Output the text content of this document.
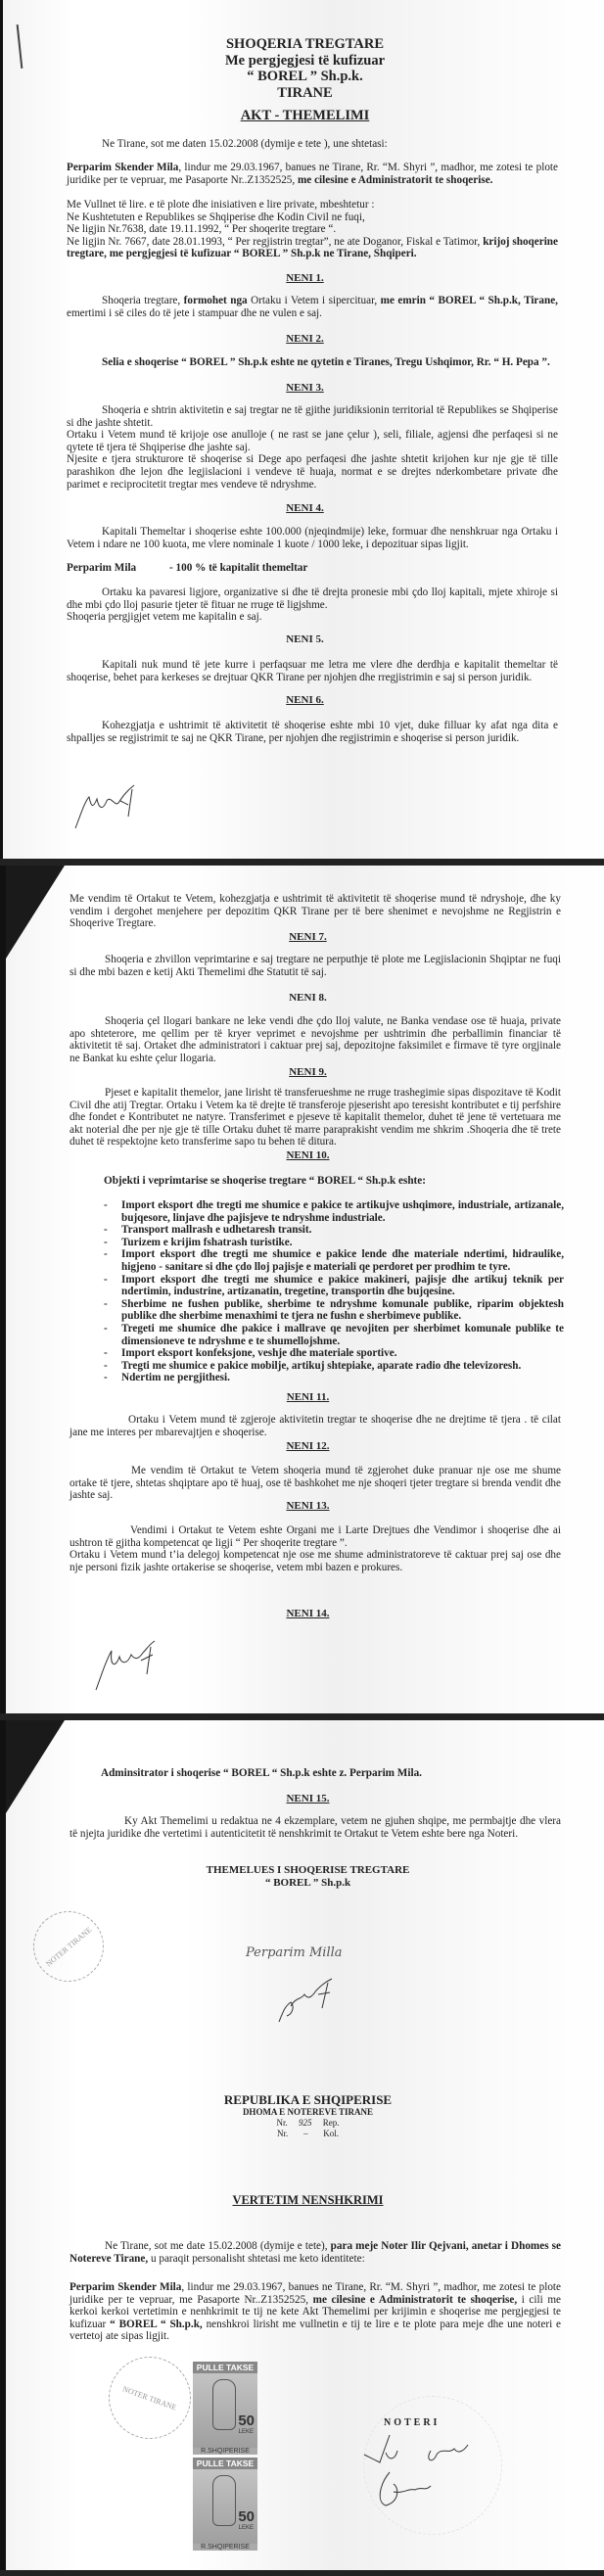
SHOQERIA TREGTARE
Me pergjegjesi të kufizuar
“ BOREL ” Sh.p.k.
TIRANE
AKT - THEMELIMI
Ne Tirane, sot me daten 15.02.2008 (dymije e tete ), une shtetasi:
Perparim Skender Mila, lindur me 29.03.1967, banues ne Tirane, Rr. “M. Shyri ”, madhor, me zotesi te plote juridike per te vepruar, me Pasaporte Nr..Z1352525, me cilesine e Administratorit te shoqerise.
Me Vullnet të lire. e të plote dhe inisiativen e lire private, mbeshtetur :
Ne Kushtetuten e Republikes se Shqiperise dhe Kodin Civil ne fuqi,
Ne ligjin Nr.7638, date 19.11.1992, “ Per shoqerite tregtare “.
Ne ligjin Nr. 7667, date 28.01.1993, “ Per regjistrin tregtar”, ne ate Doganor, Fiskal e Tatimor, krijoj shoqerine tregtare, me pergjegjesi të kufizuar “ BOREL ” Sh.p.k ne Tirane, Shqiperi.
NENI 1.
Shoqeria tregtare, formohet nga Ortaku i Vetem i sipercituar, me emrin “ BOREL “ Sh.p.k, Tirane, emertimi i së ciles do të jete i stampuar dhe ne vulen e saj.
NENI 2.
Selia e shoqerise “ BOREL ” Sh.p.k eshte ne qytetin e Tiranes, Tregu Ushqimor, Rr. “ H. Pepa ”.
NENI 3.
Shoqeria e shtrin aktivitetin e saj tregtar ne të gjithe juridiksionin territorial të Republikes se Shqiperise si dhe jashte shtetit.
Ortaku i Vetem mund të krijoje ose anulloje ( ne rast se jane çelur ), seli, filiale, agjensi dhe perfaqesi si ne qytete të tjera të Shqiperise dhe jashte saj.
Njesite e tjera strukturore të shoqerise si Dege apo perfaqesi dhe jashte shtetit krijohen kur nje gje të tille parashikon dhe lejon dhe legjislacioni i vendeve të huaja, normat e se drejtes nderkombetare private dhe parimet e reciprocitetit tregtar mes vendeve të ndryshme.
NENI 4.
Kapitali Themeltar i shoqerise eshte 100.000 (njeqindmije) leke, formuar dhe nenshkruar nga Ortaku i Vetem i ndare ne 100 kuota, me vlere nominale 1 kuote / 1000 leke, i depozituar sipas ligjit.
Perparim Mila	- 100 % të kapitalit themeltar
Ortaku ka pavaresi ligjore, organizative si dhe të drejta pronesie mbi çdo lloj kapitali, mjete xhiroje si dhe mbi çdo lloj pasurie tjeter të fituar ne rruge të ligjshme.
Shoqeria pergjigjet vetem me kapitalin e saj.
NENI 5.
Kapitali nuk mund të jete kurre i perfaqsuar me letra me vlere dhe derdhja e kapitalit themeltar të shoqerise, behet para kerkeses se drejtuar QKR Tirane per njohjen dhe rregjistrimin e saj si person juridik.
NENI 6.
Kohezgjatja e ushtrimit të aktivitetit të shoqerise eshte mbi 10 vjet, duke filluar ky afat nga dita e shpalljes se regjistrimit te saj ne QKR Tirane, per njohjen dhe regjistrimin e shoqerise si person juridik.
Me vendim të Ortakut te Vetem, kohezgjatja e ushtrimit të aktivitetit të shoqerise mund të ndryshoje, dhe ky vendim i dergohet menjehere per depozitim QKR Tirane per të bere shenimet e nevojshme ne Regjistrin e Shoqerive Tregtare.
NENI 7.
Shoqeria e zhvillon veprimtarine e saj tregtare ne perputhje të plote me Legjislacionin Shqiptar ne fuqi si dhe mbi bazen e ketij Akti Themelimi dhe Statutit të saj.
NENI 8.
Shoqeria çel llogari bankare ne leke vendi dhe çdo lloj valute, ne Banka vendase ose të huaja, private apo shteterore, me qellim per të kryer veprimet e nevojshme per ushtrimin dhe perballimin financiar të aktivitetit të saj. Ortaket dhe administratori i caktuar prej saj, depozitojne faksimilet e firmave të tyre orgjinale ne Bankat ku eshte çelur llogaria.
NENI 9.
Pjeset e kapitalit themelor, jane lirisht të transferueshme ne rruge trashegimie sipas dispozitave të Kodit Civil dhe atij Tregtar. Ortaku i Vetem ka të drejte të transferoje pjeserisht apo teresisht kontributet e tij perfshire dhe fondet e Kontributet ne natyre. Transferimet e pjeseve të kapitalit themelor, duhet të jene të vertetuara me akt noterial dhe per nje gje të tille Ortaku duhet të marre paraprakisht vendim me shkrim .Shoqeria dhe të trete duhet të respektojne keto transferime sapo tu behen të ditura.
NENI 10.
Objekti i veprimtarise se shoqerise tregtare “ BOREL “ Sh.p.k eshte:
- Import eksport dhe tregti me shumice e pakice te artikujve ushqimore, industriale, artizanale, bujqesore, linjave dhe pajisjeve te ndryshme industriale.
- Transport mallrash e udhetaresh transit.
- Turizem e krijim fshatrash turistike.
- Import eksport dhe tregti me shumice e pakice lende dhe materiale ndertimi, hidraulike, higjeno - sanitare si dhe çdo lloj pajisje e materiali qe perdoret per prodhim te tyre.
- Import eksport dhe tregti me shumice e pakice makineri, pajisje dhe artikuj teknik per ndertimin, industrine, artizanatin, tregetine, transportin dhe bujqesine.
- Sherbime ne fushen publike, sherbime te ndryshme komunale publike, riparim objektesh publike dhe sherbime menaxhimi te tjera ne fushn e sherbimeve publike.
- Tregeti me shumice dhe pakice i mallrave qe nevojiten per sherbimet komunale publike te dimensioneve te ndryshme e te shumellojshme.
- Import eksport konfeksjone, veshje dhe materiale sportive.
- Tregti me shumice e pakice mobilje, artikuj shtepiake, aparate radio dhe televizoresh.
- Ndertim ne pergjithesi.
NENI 11.
Ortaku i Vetem mund të zgjeroje aktivitetin tregtar te shoqerise dhe ne drejtime të tjera . të cilat jane me interes per mbarevajtjen e shoqerise.
NENI 12.
Me vendim të Ortakut te Vetem shoqeria mund të zgjerohet duke pranuar nje ose me shume ortake të tjere, shtetas shqiptare apo të huaj, ose të bashkohet me nje shoqeri tjeter tregtare si brenda vendit dhe jashte saj.
NENI 13.
Vendimi i Ortakut te Vetem eshte Organi me i Larte Drejtues dhe Vendimor i shoqerise dhe ai ushtron të gjitha kompetencat qe ligji “ Per shoqerite tregtare ”.
Ortaku i Vetem mund t’ia delegoj kompetencat nje ose me shume administratoreve të caktuar prej saj ose dhe nje personi fizik jashte ortakerise se shoqerise, vetem mbi bazen e prokures.
NENI 14.
Adminsitrator i shoqerise “ BOREL “ Sh.p.k eshte z. Perparim Mila.
NENI 15.
Ky Akt Themelimi u redaktua ne 4 ekzemplare, vetem ne gjuhen shqipe, me permbajtje dhe vlera të njejta juridike dhe vertetimi i autenticitetit të nenshkrimit te Ortakut te Vetem eshte bere nga Noteri.
THEMELUES I SHOQERISE TREGTARE
“ BOREL ” Sh.p.k
NOTER TIRANE	Perparim Milla
REPUBLIKA E SHQIPERISE
DHOMA E NOTEREVE TIRANE
Nr. 925 Rep.
Nr. – Kol.
VERTETIM NENSHKRIMI
Ne Tirane, sot me date 15.02.2008 (dymije e tete), para meje Noter Ilir Qejvani, anetar i Dhomes se Notereve Tirane, u paraqit personalisht shtetasi me keto identitete:
Perparim Skender Mila, lindur me 29.03.1967, banues ne Tirane, Rr. “M. Shyri ”, madhor, me zotesi te plote juridike per te vepruar, me Pasaporte Nr..Z1352525, me cilesine e Administratorit te shoqerise, i cili me kerkoi kerkoi vertetimin e nenhkrimit te tij ne kete Akt Themelimi per krijimin e shoqerise me pergjegjesi te kufizuar “ BOREL “ Sh.p.k, nenshkroi lirisht me vullnetin e tij te lire e te plote para meje dhe une noteri e vertetoj ate sipas ligjit.
NOTER TIRANE
PULLE TAKSE
50
LEKE
R.SHQIPERISE
PULLE TAKSE
50
LEKE
R.SHQIPERISE
NOTERI
